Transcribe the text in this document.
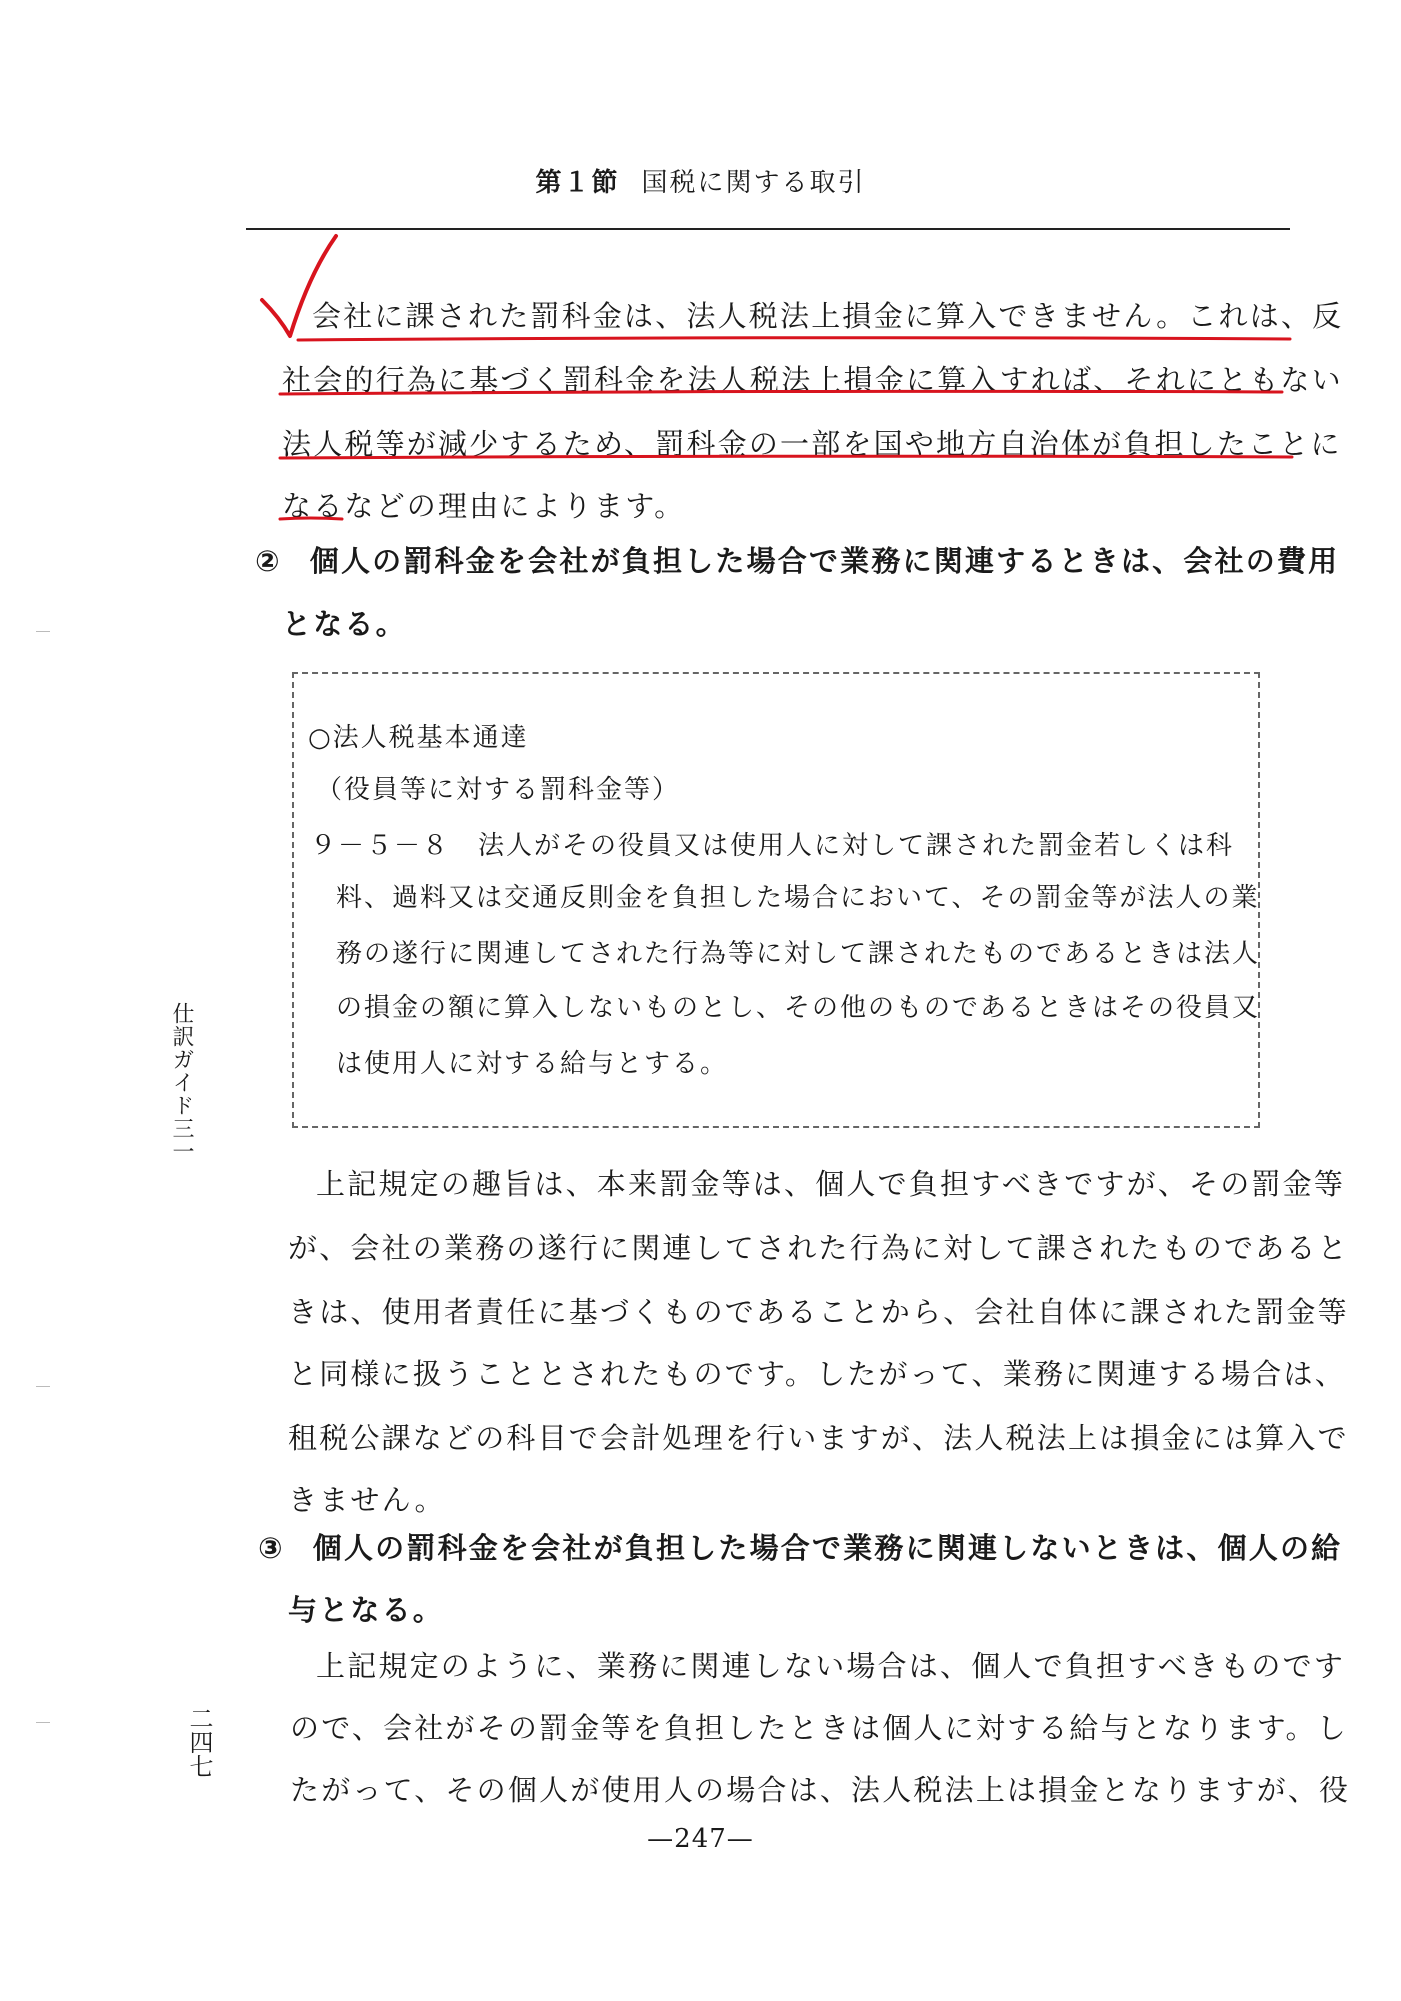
第１節 国税に関する取引
会社に課された罰科金は、法人税法上損金に算入できません。これは、反
社会的行為に基づく罰科金を法人税法上損金に算入すれば、それにともない
法人税等が減少するため、罰科金の一部を国や地方自治体が負担したことに
なるなどの理由によります。
② 個人の罰科金を会社が負担した場合で業務に関連するときは、会社の費用
となる。
○法人税基本通達
（役員等に対する罰科金等）
９－５－８ 法人がその役員又は使用人に対して課された罰金若しくは科
料、過料又は交通反則金を負担した場合において、その罰金等が法人の業
務の遂行に関連してされた行為等に対して課されたものであるときは法人
の損金の額に算入しないものとし、その他のものであるときはその役員又
は使用人に対する給与とする。
上記規定の趣旨は、本来罰金等は、個人で負担すべきですが、その罰金等
が、会社の業務の遂行に関連してされた行為に対して課されたものであると
きは、使用者責任に基づくものであることから、会社自体に課された罰金等
と同様に扱うこととされたものです。したがって、業務に関連する場合は、
租税公課などの科目で会計処理を行いますが、法人税法上は損金には算入で
きません。
③ 個人の罰科金を会社が負担した場合で業務に関連しないときは、個人の給
与となる。
上記規定のように、業務に関連しない場合は、個人で負担すべきものです
ので、会社がその罰金等を負担したときは個人に対する給与となります。し
たがって、その個人が使用人の場合は、法人税法上は損金となりますが、役
仕訳ガイド三一
二四七
—247—
